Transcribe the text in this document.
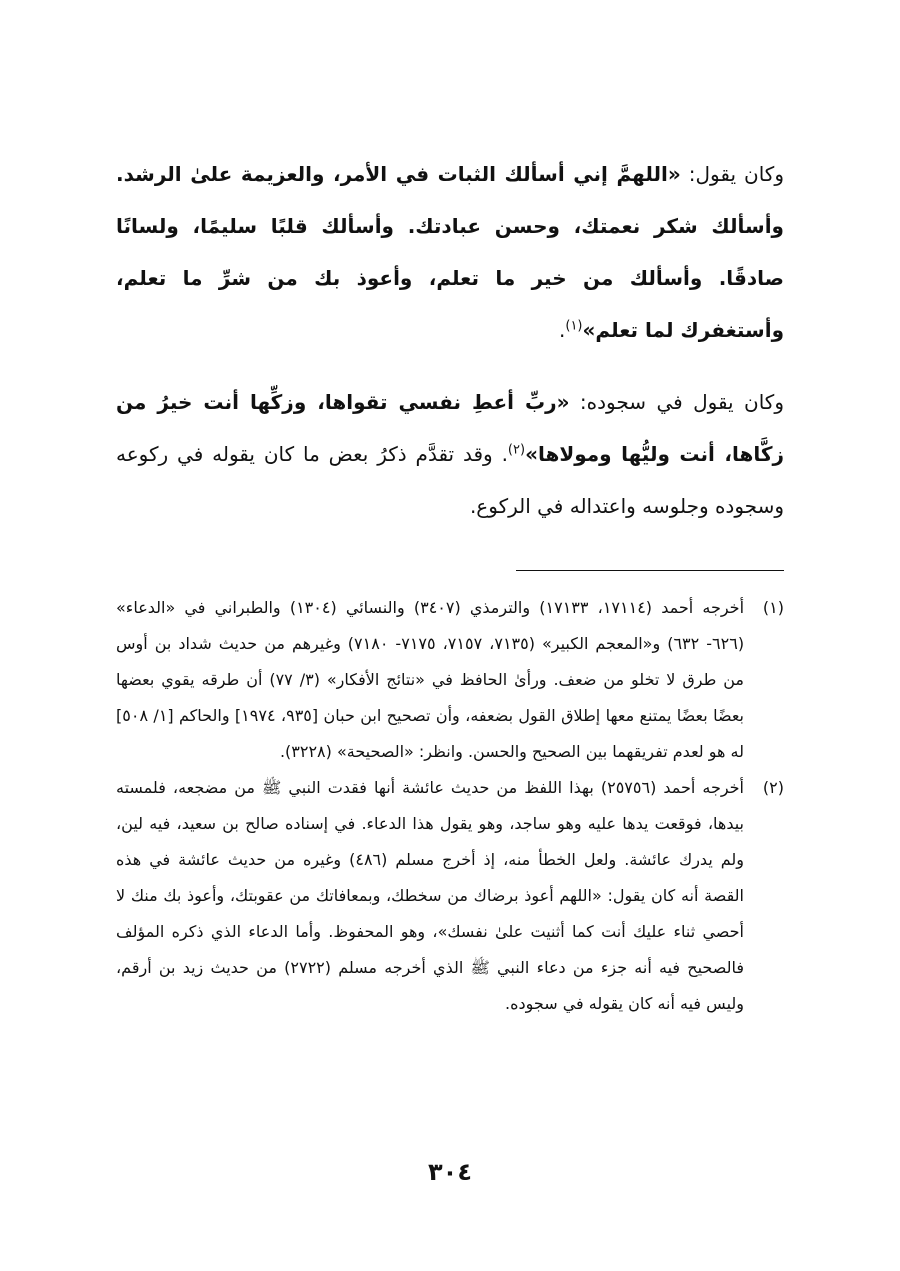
وكان يقول: «اللهمَّ إني أسألك الثبات في الأمر، والعزيمة علىٰ الرشد. وأسألك شكر نعمتك، وحسن عبادتك. وأسألك قلبًا سليمًا، ولسانًا صادقًا. وأسألك من خير ما تعلم، وأعوذ بك من شرِّ ما تعلم، وأستغفرك لما تعلم»$^{(١)}$.

وكان يقول في سجوده: «ربِّ أعطِ نفسي تقواها، وزكِّها أنت خيرُ من زكَّاها، أنت وليُّها ومولاها»$^{(٢)}$. وقد تقدَّم ذكرُ بعض ما كان يقوله في ركوعه وسجوده وجلوسه واعتداله في الركوع.

(١)
أخرجه أحمد (١٧١١٤، ١٧١٣٣) والترمذي (٣٤٠٧) والنسائي (١٣٠٤) والطبراني في «الدعاء» (٦٢٦- ٦٣٢) و«المعجم الكبير» (٧١٣٥، ٧١٥٧، ٧١٧٥- ٧١٨٠) وغيرهم من حديث شداد بن أوس من طرق لا تخلو من ضعف. ورأىٰ الحافظ في «نتائج الأفكار» (٣/ ٧٧) أن طرقه يقوي بعضها بعضًا بعضًا يمتنع معها إطلاق القول بضعفه، وأن تصحيح ابن حبان [٩٣٥، ١٩٧٤] والحاكم [١/ ٥٠٨] له هو لعدم تفريقهما بين الصحيح والحسن. وانظر: «الصحيحة» (٣٢٢٨).
(٢)
أخرجه أحمد (٢٥٧٥٦) بهذا اللفظ من حديث عائشة أنها فقدت النبي ﷺ من مضجعه، فلمسته بيدها، فوقعت يدها عليه وهو ساجد، وهو يقول هذا الدعاء. في إسناده صالح بن سعيد، فيه لين، ولم يدرك عائشة. ولعل الخطأ منه، إذ أخرج مسلم (٤٨٦) وغيره من حديث عائشة في هذه القصة أنه كان يقول: «اللهم أعوذ برضاك من سخطك، وبمعافاتك من عقوبتك، وأعوذ بك منك لا أحصي ثناء عليك أنت كما أثنيت علىٰ نفسك»، وهو المحفوظ. وأما الدعاء الذي ذكره المؤلف فالصحيح فيه أنه جزء من دعاء النبي ﷺ الذي أخرجه مسلم (٢٧٢٢) من حديث زيد بن أرقم، وليس فيه أنه كان يقوله في سجوده.
٣٠٤
